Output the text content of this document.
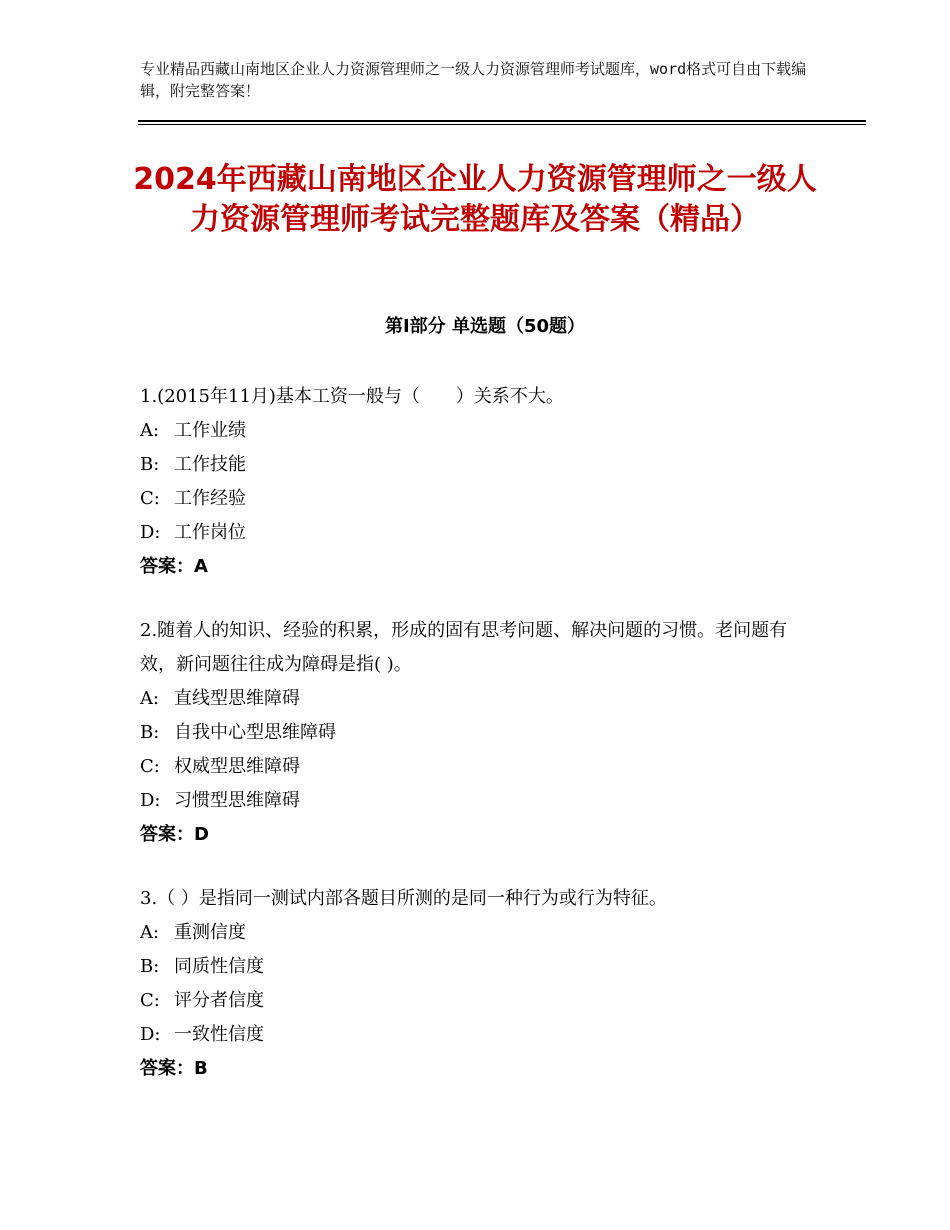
专业精品西藏山南地区企业人力资源管理师之一级人力资源管理师考试题库，word格式可自由下载编辑，附完整答案！
2024年西藏山南地区企业人力资源管理师之一级人力资源管理师考试完整题库及答案（精品）
第Ⅰ部分 单选题（50题）

1.(2015年11月)基本工资一般与（　　）关系不大。

A: 工作业绩

B: 工作技能

C: 工作经验

D: 工作岗位

答案：A

2.随着人的知识、经验的积累，形成的固有思考问题、解决问题的习惯。老问题有效，新问题往往成为障碍是指( )。

A: 直线型思维障碍

B: 自我中心型思维障碍

C: 权威型思维障碍

D: 习惯型思维障碍

答案：D

3.（ ）是指同一测试内部各题目所测的是同一种行为或行为特征。

A: 重测信度

B: 同质性信度

C: 评分者信度

D: 一致性信度

答案：B
